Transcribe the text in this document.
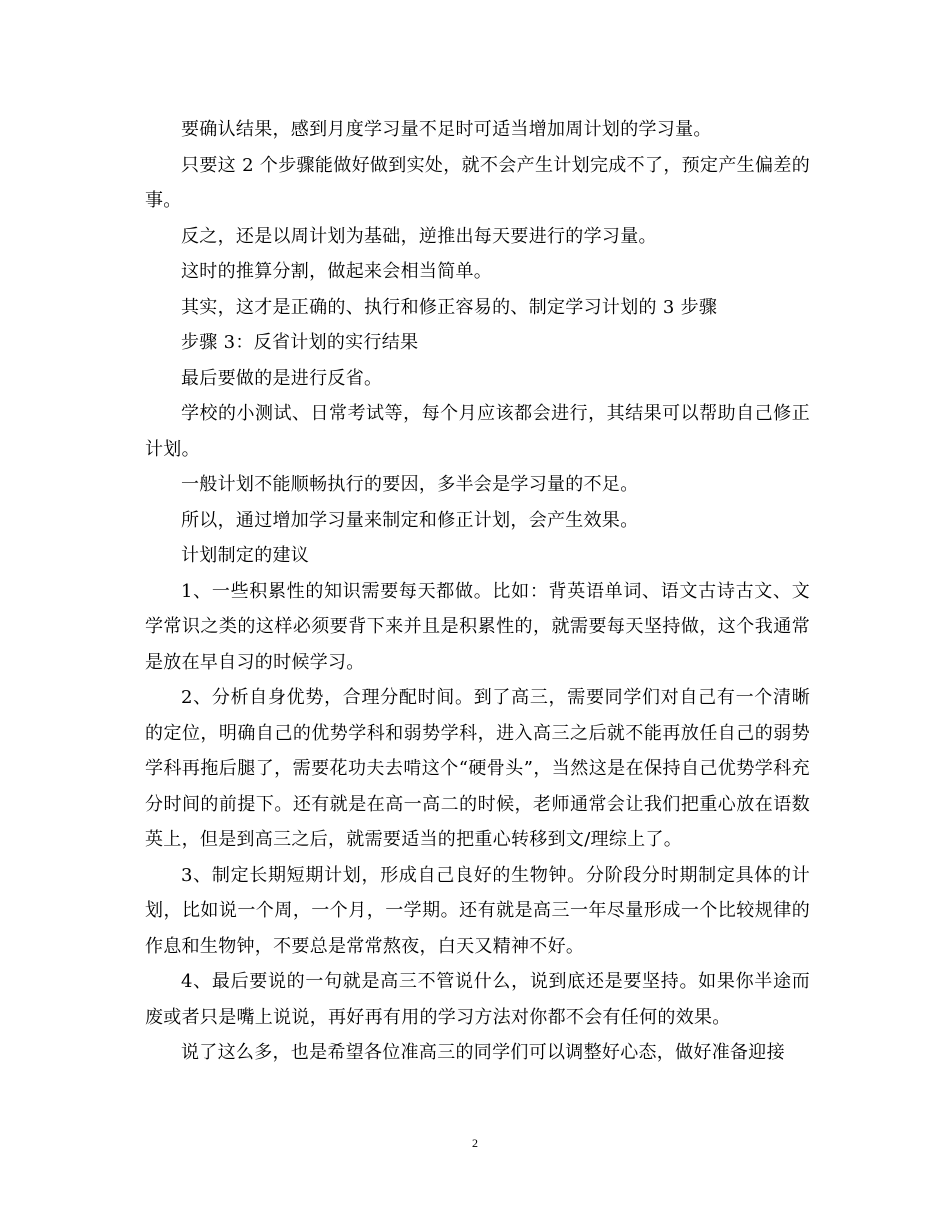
要确认结果，感到月度学习量不足时可适当增加周计划的学习量。

只要这 2 个步骤能做好做到实处，就不会产生计划完成不了，预定产生偏差的事。

反之，还是以周计划为基础，逆推出每天要进行的学习量。

这时的推算分割，做起来会相当简单。

其实，这才是正确的、执行和修正容易的、制定学习计划的 3 步骤

步骤 3：反省计划的实行结果

最后要做的是进行反省。

学校的小测试、日常考试等，每个月应该都会进行，其结果可以帮助自己修正计划。

一般计划不能顺畅执行的要因，多半会是学习量的不足。

所以，通过增加学习量来制定和修正计划，会产生效果。

计划制定的建议

1、一些积累性的知识需要每天都做。比如：背英语单词、语文古诗古文、文学常识之类的这样必须要背下来并且是积累性的，就需要每天坚持做，这个我通常是放在早自习的时候学习。

2、分析自身优势，合理分配时间。到了高三，需要同学们对自己有一个清晰的定位，明确自己的优势学科和弱势学科，进入高三之后就不能再放任自己的弱势学科再拖后腿了，需要花功夫去啃这个“硬骨头”，当然这是在保持自己优势学科充分时间的前提下。还有就是在高一高二的时候，老师通常会让我们把重心放在语数英上，但是到高三之后，就需要适当的把重心转移到文/理综上了。

3、制定长期短期计划，形成自己良好的生物钟。分阶段分时期制定具体的计划，比如说一个周，一个月，一学期。还有就是高三一年尽量形成一个比较规律的作息和生物钟，不要总是常常熬夜，白天又精神不好。

4、最后要说的一句就是高三不管说什么，说到底还是要坚持。如果你半途而废或者只是嘴上说说，再好再有用的学习方法对你都不会有任何的效果。

说了这么多，也是希望各位准高三的同学们可以调整好心态，做好准备迎接

2
